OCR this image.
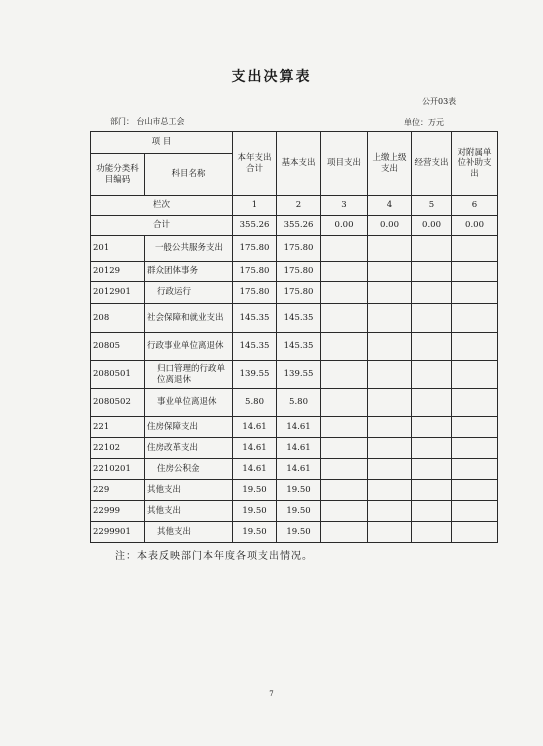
支出决算表
公开03表
部门： 台山市总工会	单位：万元
项 目		本年支出合计	基本支出	项目支出	上缴上级支出	经营支出	对附属单位补助支出
功能分类科目编码	科目名称						
栏次		1	2	3	4	5	6
合计		355.26	355.26	0.00	0.00	0.00	0.00
201	一般公共服务支出	175.80	175.80				
20129	群众团体事务	175.80	175.80				
2012901	行政运行	175.80	175.80				
208	社会保障和就业支出	145.35	145.35				
20805	行政事业单位离退休	145.35	145.35				
2080501	归口管理的行政单位离退休	139.55	139.55				
2080502	事业单位离退休	5.80	5.80				
221	住房保障支出	14.61	14.61				
22102	住房改革支出	14.61	14.61				
2210201	住房公积金	14.61	14.61				
229	其他支出	19.50	19.50				
22999	其他支出	19.50	19.50				
2299901	其他支出	19.50	19.50				
注：本表反映部门本年度各项支出情况。
7
